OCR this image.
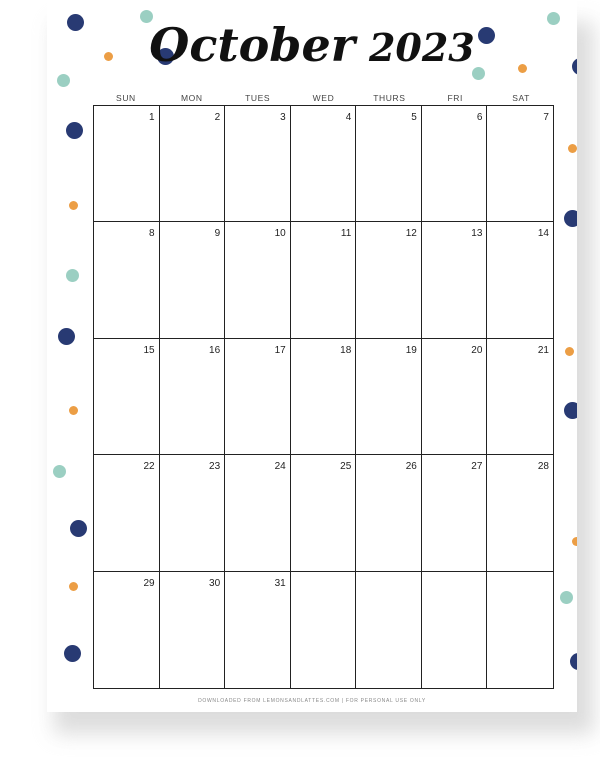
October 2023
SUN	MON	TUES	WED	THURS	FRI	SAT
1	2	3	4	5	6	7
8	9	10	11	12	13	14
15	16	17	18	19	20	21
22	23	24	25	26	27	28
29	30	31
DOWNLOADED FROM LEMONSANDLATTES.COM | FOR PERSONAL USE ONLY
